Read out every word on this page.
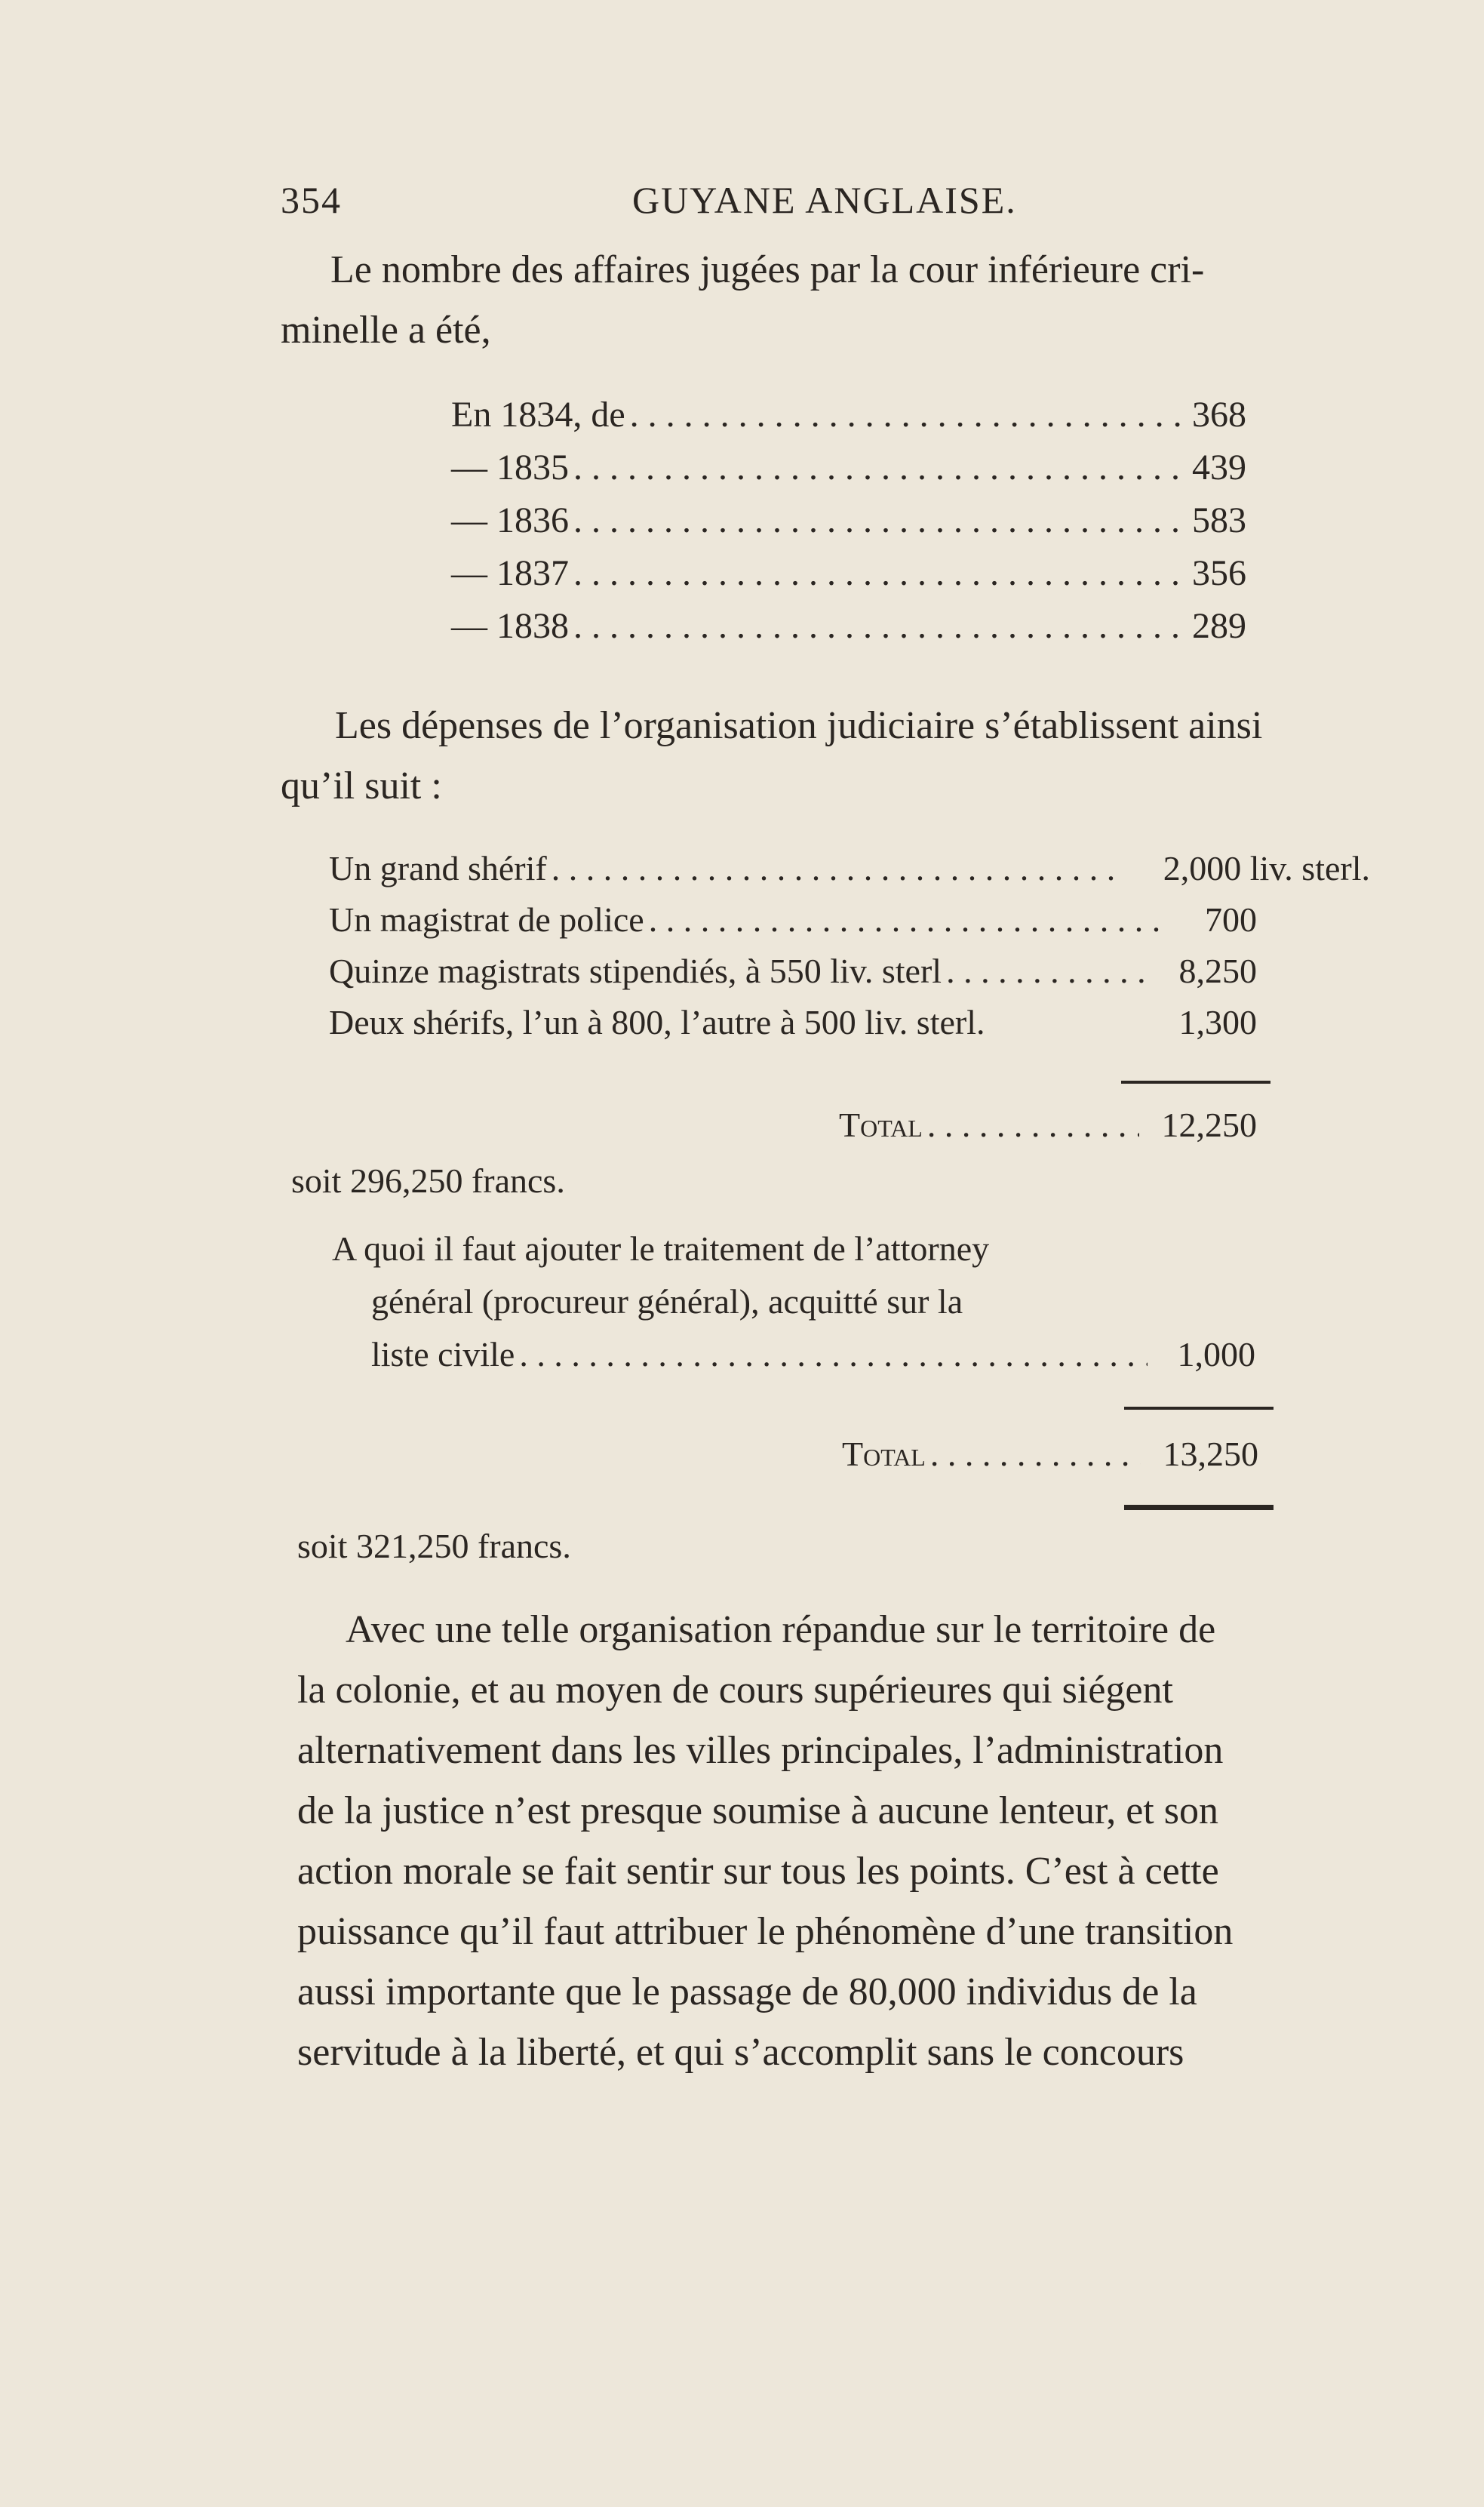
354	GUYANE ANGLAISE.
Le nombre des affaires jugées par la cour inférieure cri-
minelle a été,
En 1834, de . . .	368
— 1835 . . .	439
— 1836 . . .	583
— 1837 . . .	356
— 1838 . . .	289
Les dépenses de l’organisation judiciaire s’établissent ainsi
qu’il suit :
Un grand shérif . . .	2,000 liv. sterl.
Un magistrat de police . . .	700
Quinze magistrats stipendiés, à 550 liv. sterl . . .	8,250
Deux shérifs, l’un à 800, l’autre à 500 liv. sterl.	1,300
Total . . .	12,250
soit 296,250 francs.
A quoi il faut ajouter le traitement de l’attorney
général (procureur général), acquitté sur la
liste civile . . .	1,000
Total . . .	13,250
soit 321,250 francs.
Avec une telle organisation répandue sur le territoire de
la colonie, et au moyen de cours supérieures qui siégent
alternativement dans les villes principales, l’administration
de la justice n’est presque soumise à aucune lenteur, et son
action morale se fait sentir sur tous les points. C’est à cette
puissance qu’il faut attribuer le phénomène d’une transition
aussi importante que le passage de 80,000 individus de la
servitude à la liberté, et qui s’accomplit sans le concours
